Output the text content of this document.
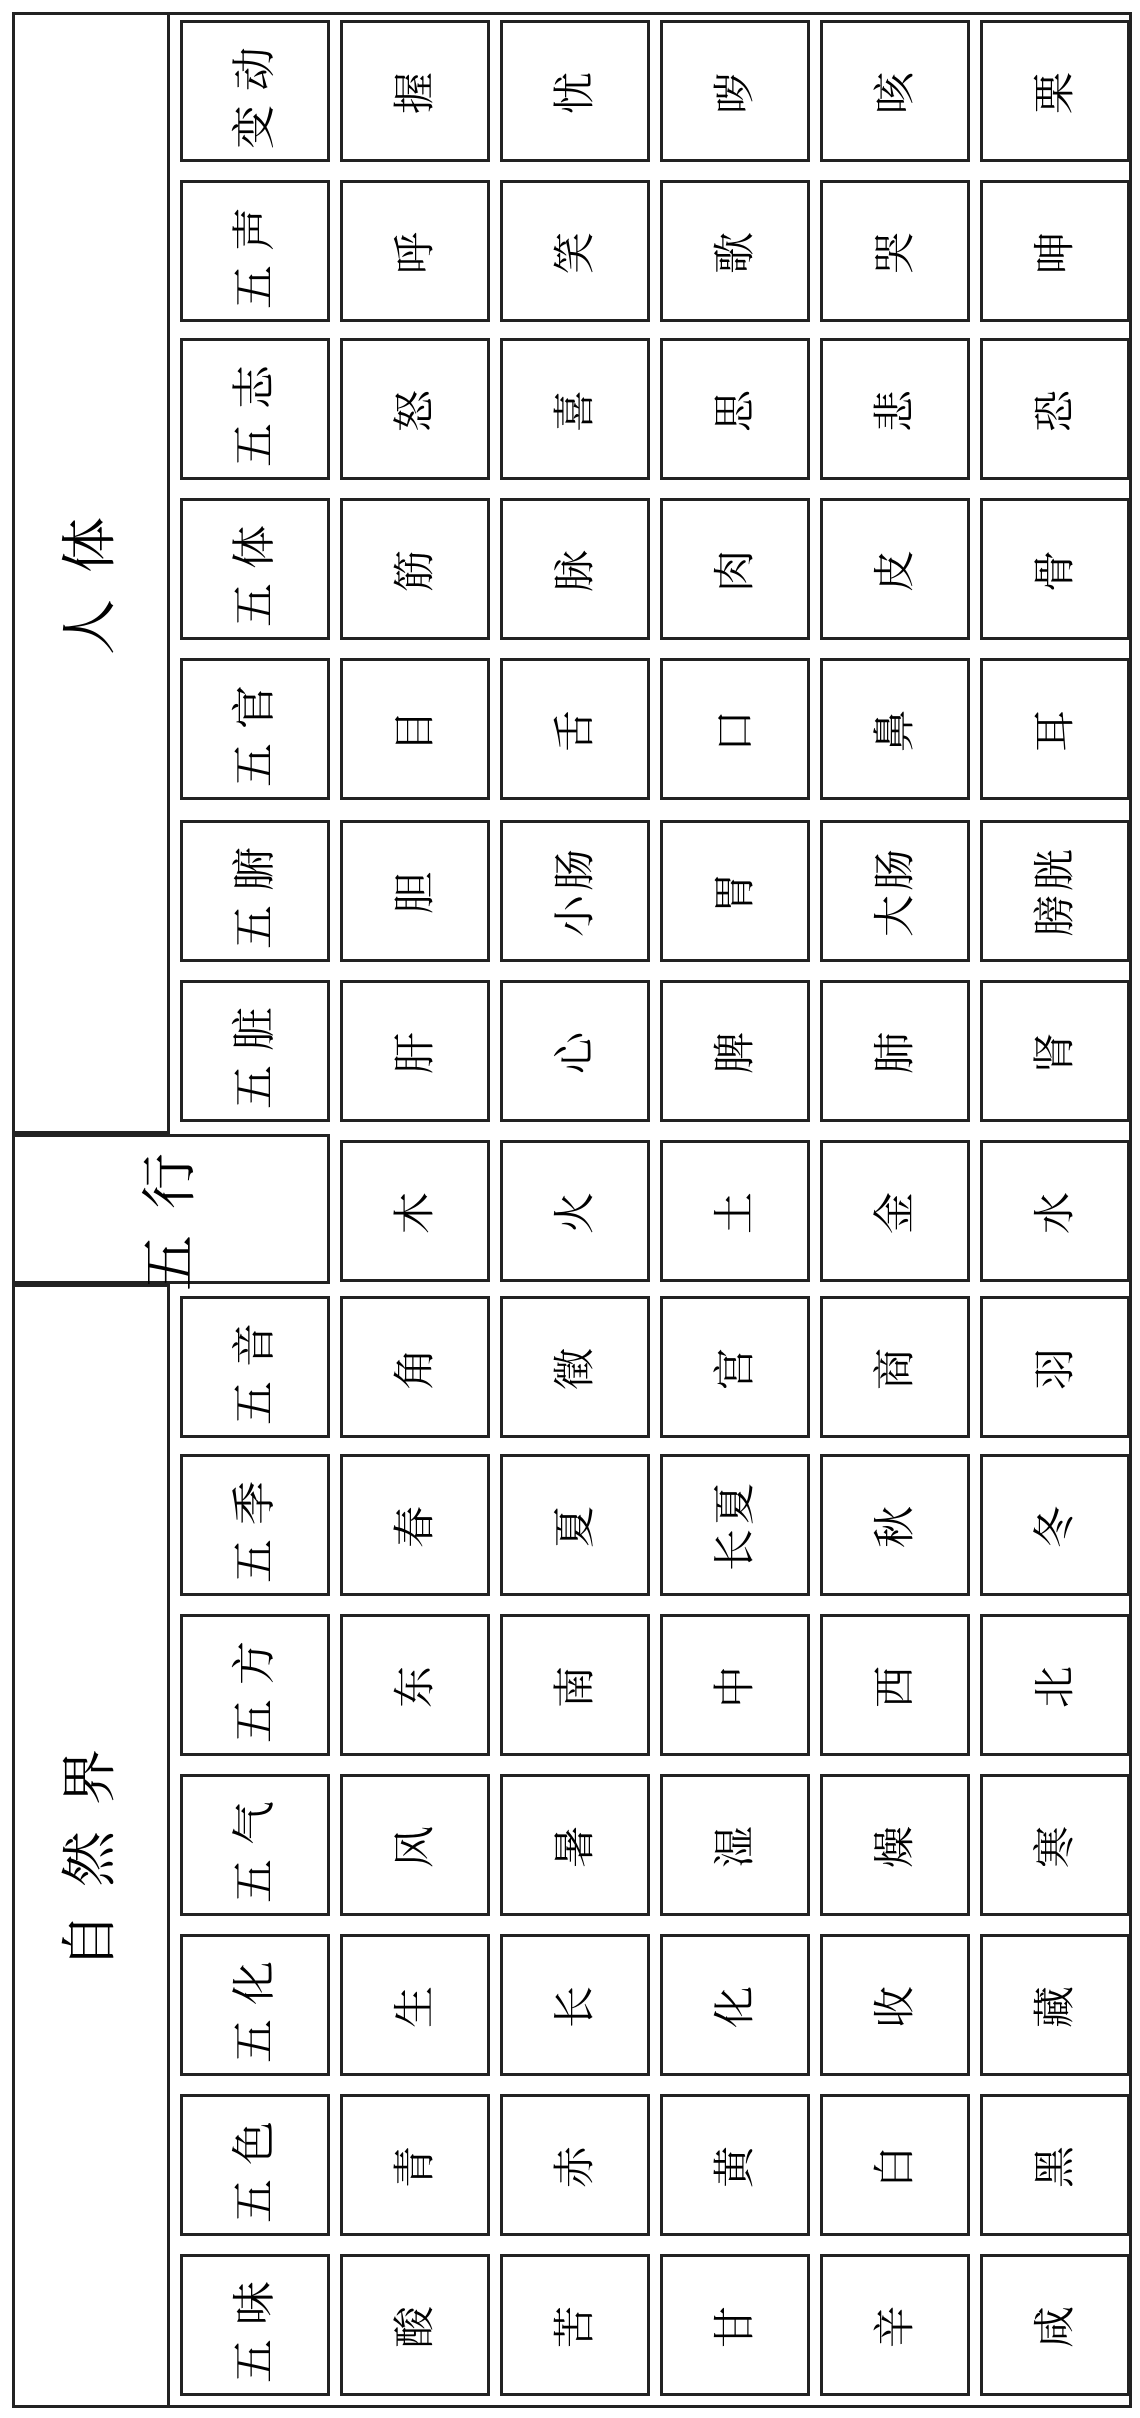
人体
五行
自然界
变动	握	忧	哕	咳	栗
五声	呼	笑	歌	哭	呻
五志	怒	喜	思	悲	恐
五体	筋	脉	肉	皮	骨
五官	目	舌	口	鼻	耳
五腑	胆	小肠	胃	大肠	膀胱
五脏	肝	心	脾	肺	肾
木	火	土	金	水
五音	角	徵	宫	商	羽
五季	春	夏	长夏	秋	冬
五方	东	南	中	西	北
五气	风	暑	湿	燥	寒
五化	生	长	化	收	藏
五色	青	赤	黄	白	黑
五味	酸	苦	甘	辛	咸
